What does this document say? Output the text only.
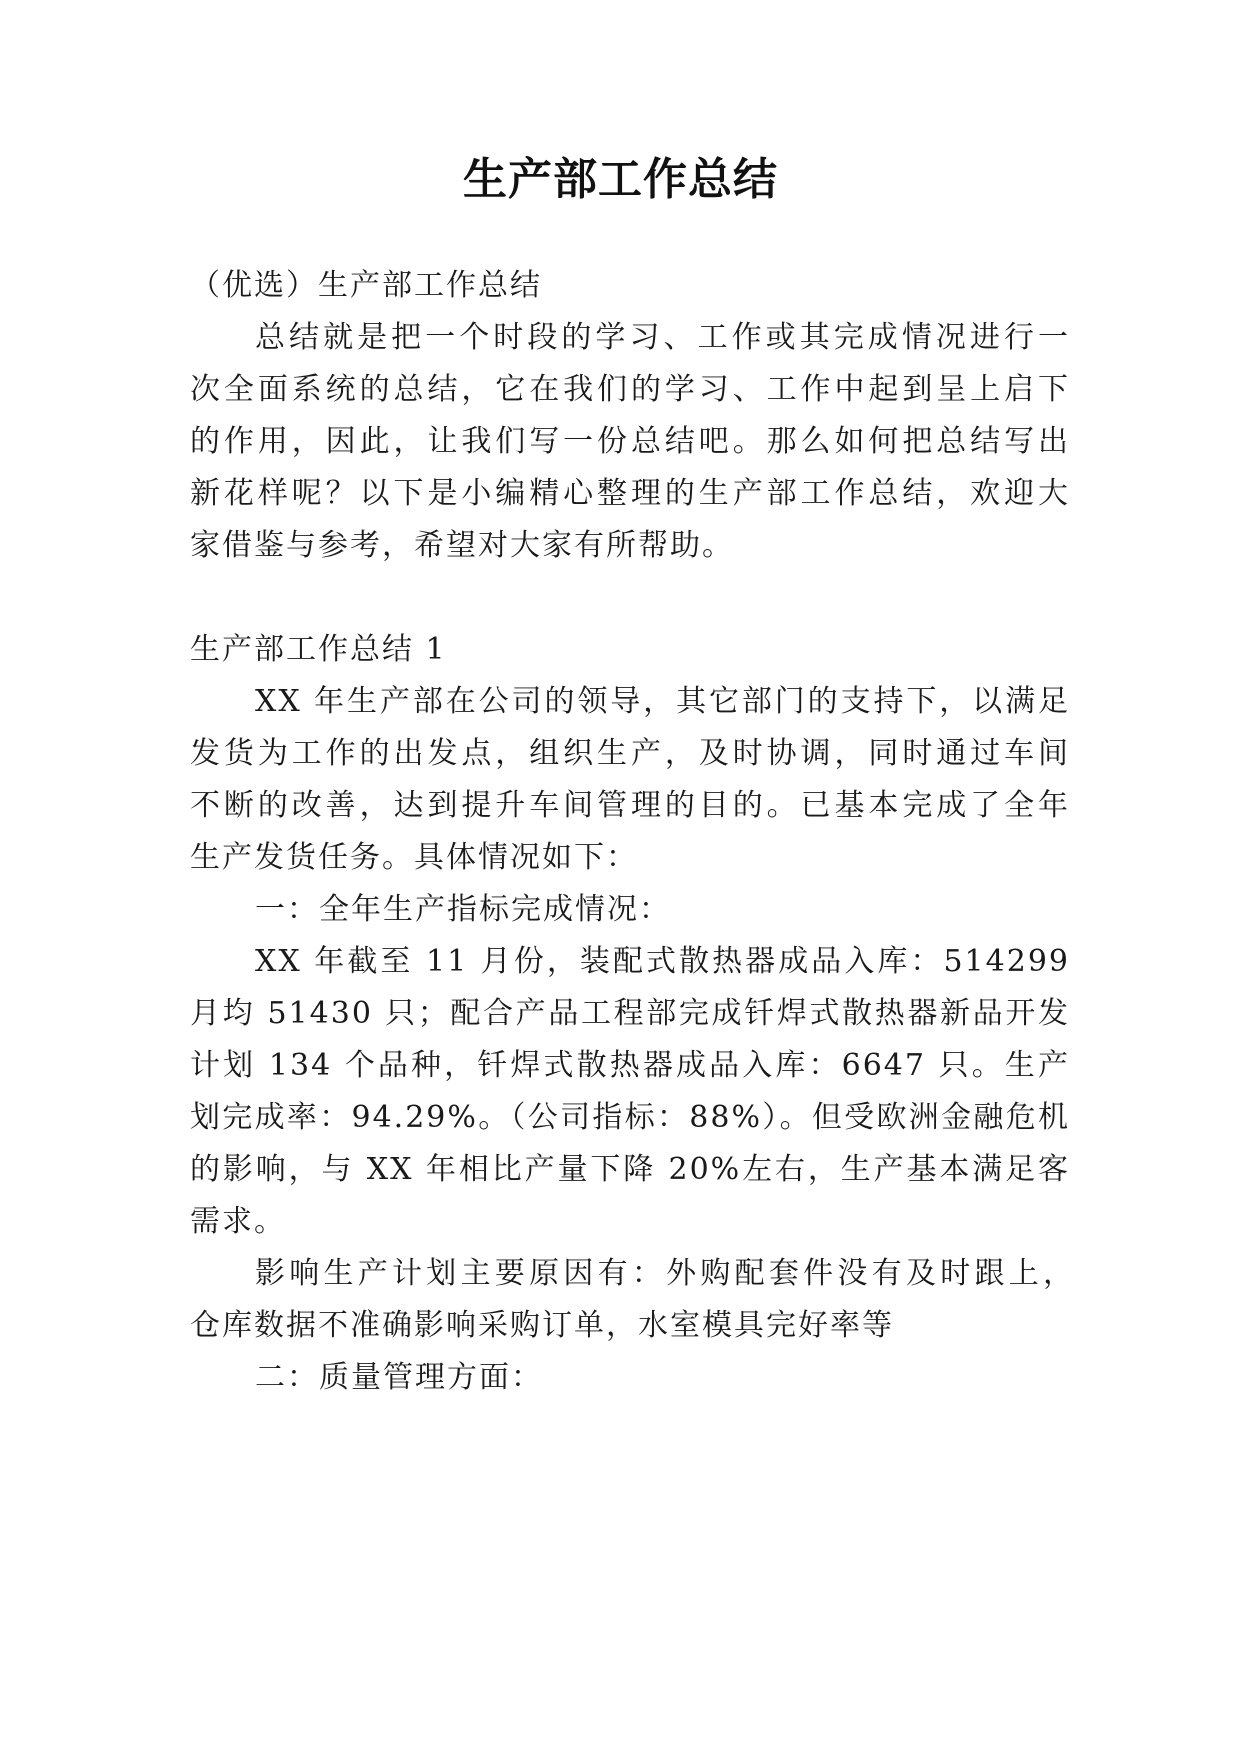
生产部工作总结
（优选）生产部工作总结
总结就是把一个时段的学习、工作或其完成情况进行一
次全面系统的总结，它在我们的学习、工作中起到呈上启下
的作用，因此，让我们写一份总结吧。那么如何把总结写出
新花样呢？以下是小编精心整理的生产部工作总结，欢迎大
家借鉴与参考，希望对大家有所帮助。
生产部工作总结 1
XX 年生产部在公司的领导，其它部门的支持下，以满足
发货为工作的出发点，组织生产，及时协调，同时通过车间
不断的改善，达到提升车间管理的目的。已基本完成了全年
生产发货任务。具体情况如下：
一：全年生产指标完成情况：
XX 年截至 11 月份，装配式散热器成品入库：514299
月均 51430 只；配合产品工程部完成钎焊式散热器新品开发
计划 134 个品种，钎焊式散热器成品入库：6647 只。生产
划完成率：94.29%。（公司指标：88%）。但受欧洲金融危机
的影响，与 XX 年相比产量下降 20%左右，生产基本满足客
需求。
影响生产计划主要原因有：外购配套件没有及时跟上，
仓库数据不准确影响采购订单，水室模具完好率等
二：质量管理方面：
